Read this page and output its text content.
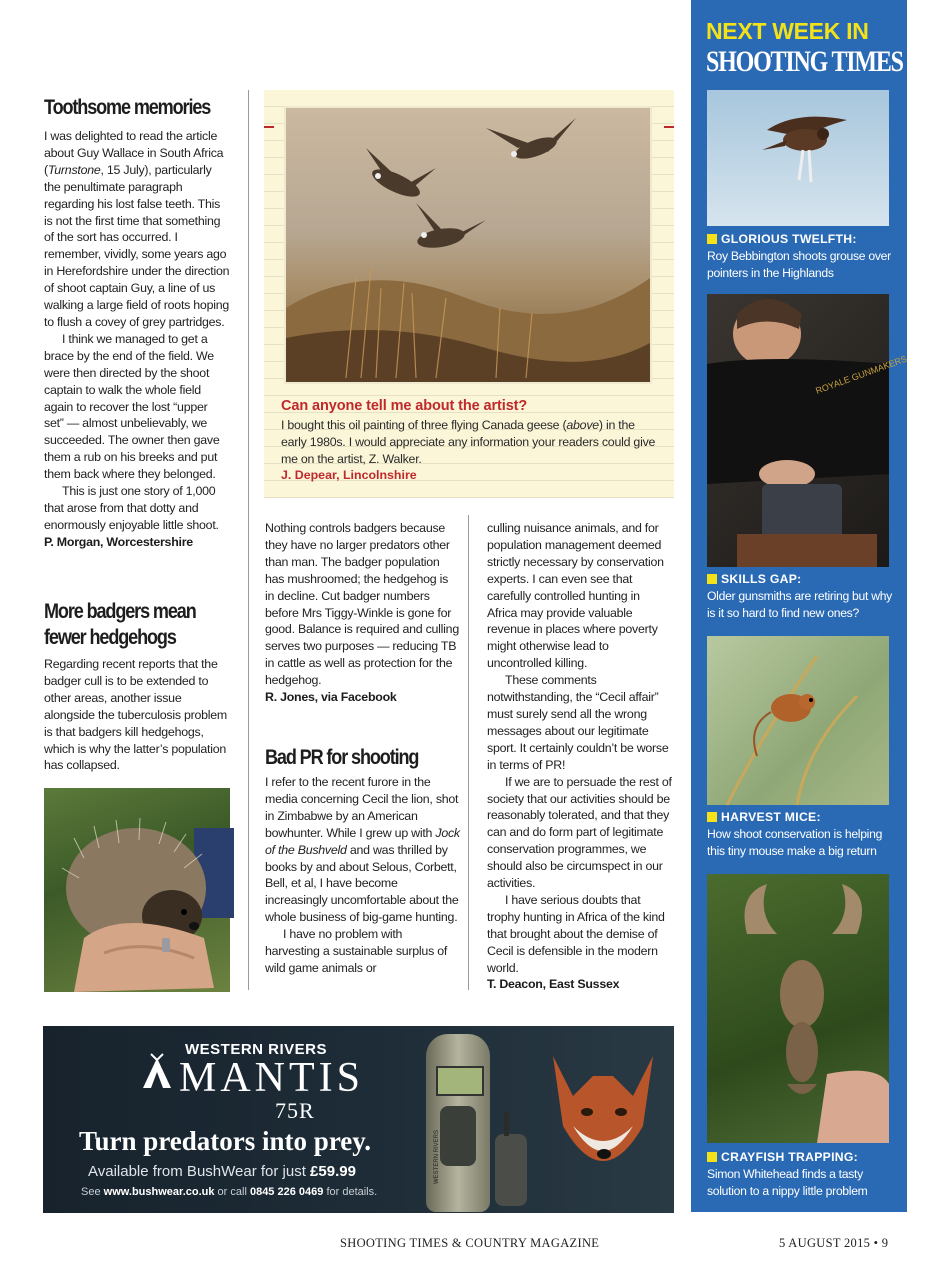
Toothsome memories

I was delighted to read the article about Guy Wallace in South Africa (Turnstone, 15 July), particularly the penultimate paragraph regarding his lost false teeth. This is not the first time that something of the sort has occurred. I remember, vividly, some years ago in Herefordshire under the direction of shoot captain Guy, a line of us walking a large field of roots hoping to flush a covey of grey partridges.

I think we managed to get a brace by the end of the field. We were then directed by the shoot captain to walk the whole field again to recover the lost “upper set” — almost unbelievably, we succeeded. The owner then gave them a rub on his breeks and put them back where they belonged.

This is just one story of 1,000 that arose from that dotty and enormously enjoyable little shoot.

P. Morgan, Worcestershire

More badgers mean
fewer hedgehogs

Regarding recent reports that the badger cull is to be extended to other areas, another issue alongside the tuberculosis problem is that badgers kill hedgehogs, which is why the latter’s population has collapsed.

Can anyone tell me about the artist?
I bought this oil painting of three flying Canada geese (above) in the early 1980s. I would appreciate any information your readers could give me on the artist, Z. Walker.
J. Depear, Lincolnshire

Nothing controls badgers because they have no larger predators other than man. The badger population has mushroomed; the hedgehog is in decline. Cut badger numbers before Mrs Tiggy-Winkle is gone for good. Balance is required and culling serves two purposes — reducing TB in cattle as well as protection for the hedgehog.

R. Jones, via Facebook

Bad PR for shooting

I refer to the recent furore in the media concerning Cecil the lion, shot in Zimbabwe by an American bowhunter. While I grew up with Jock of the Bushveld and was thrilled by books by and about Selous, Corbett, Bell, et al, I have become increasingly uncomfortable about the whole business of big-game hunting.

I have no problem with harvesting a sustainable surplus of wild game animals or

culling nuisance animals, and for population management deemed strictly necessary by conservation experts. I can even see that carefully controlled hunting in Africa may provide valuable revenue in places where poverty might otherwise lead to uncontrolled killing.

These comments notwithstanding, the “Cecil affair” must surely send all the wrong messages about our legitimate sport. It certainly couldn’t be worse in terms of PR!

If we are to persuade the rest of society that our activities should be reasonably tolerated, and that they can and do form part of legitimate conservation programmes, we should also be circumspect in our activities.

I have serious doubts that trophy hunting in Africa of the kind that brought about the demise of Cecil is defensible in the modern world.

T. Deacon, East Sussex

NEXT WEEK IN
SHOOTING TIMES
GLORIOUS TWELFTH:
Roy Bebbington shoots grouse over pointers in the Highlands
ROYALE GUNMAKERS
SKILLS GAP:
Older gunsmiths are retiring but why is it so hard to find new ones?
HARVEST MICE:
How shoot conservation is helping this tiny mouse make a big return
CRAYFISH TRAPPING:
Simon Whitehead finds a tasty solution to a nippy little problem
WESTERN RIVERS
MANTIS
75R
Turn predators into prey.
Available from BushWear for just £59.99
See www.bushwear.co.uk or call 0845 226 0469 for details.
WESTERN RIVERS
SHOOTING TIMES & COUNTRY MAGAZINE	5 AUGUST 2015 • 9
